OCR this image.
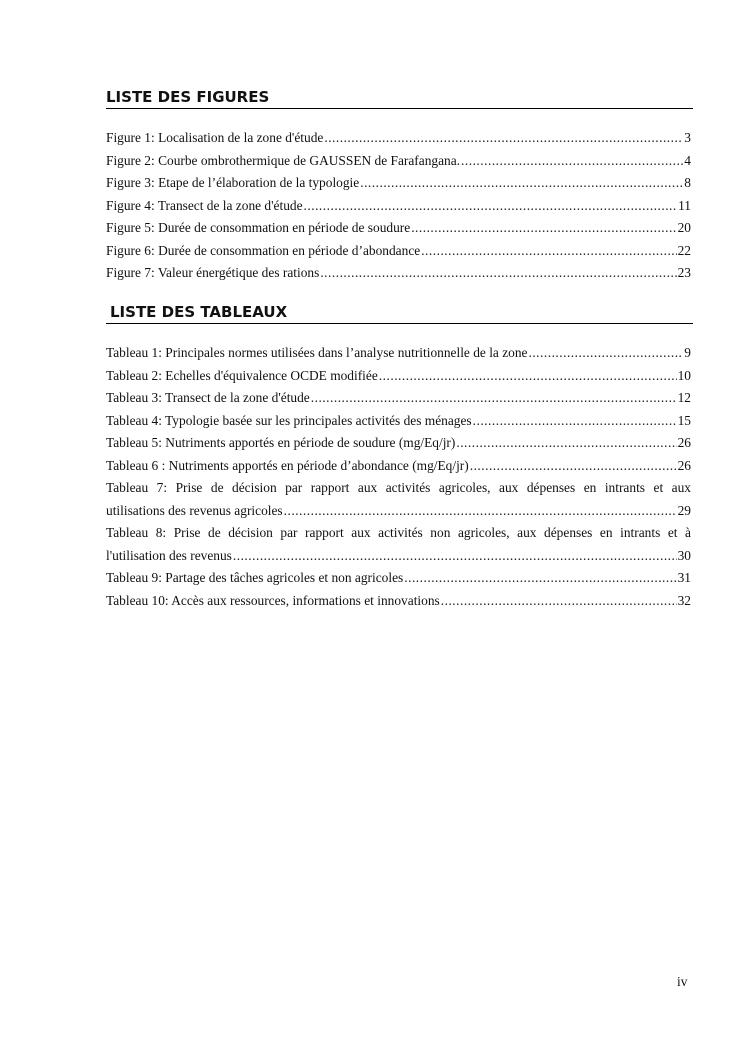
LISTE DES FIGURES
Figure 1: Localisation de la zone d'étude .....	3
Figure 2: Courbe ombrothermique de GAUSSEN de Farafangana. .....	4
Figure 3: Etape de l’élaboration de la typologie .....	8
Figure 4: Transect de la zone d'étude .....	11
Figure 5: Durée de consommation en période de soudure .....	20
Figure 6: Durée de consommation en période d’abondance .....	22
Figure 7: Valeur énergétique des rations .....	23
LISTE DES TABLEAUX
Tableau 1: Principales normes utilisées dans l’analyse nutritionnelle de la zone .....	9
Tableau 2: Echelles d'équivalence OCDE modifiée .....	10
Tableau 3: Transect de la zone d'étude .....	12
Tableau 4: Typologie basée sur les principales activités des ménages .....	15
Tableau 5: Nutriments apportés en période de soudure (mg/Eq/jr) .....	26
Tableau 6 : Nutriments apportés en période d’abondance (mg/Eq/jr) .....	26
Tableau 7: Prise de décision par rapport aux activités agricoles, aux dépenses en intrants et aux
utilisations des revenus agricoles .....	29
Tableau 8: Prise de décision par rapport aux activités non agricoles, aux dépenses en intrants et à
l'utilisation des revenus .....	30
Tableau 9: Partage des tâches agricoles et non agricoles .....	31
Tableau 10: Accès aux ressources, informations et innovations .....	32
iv
